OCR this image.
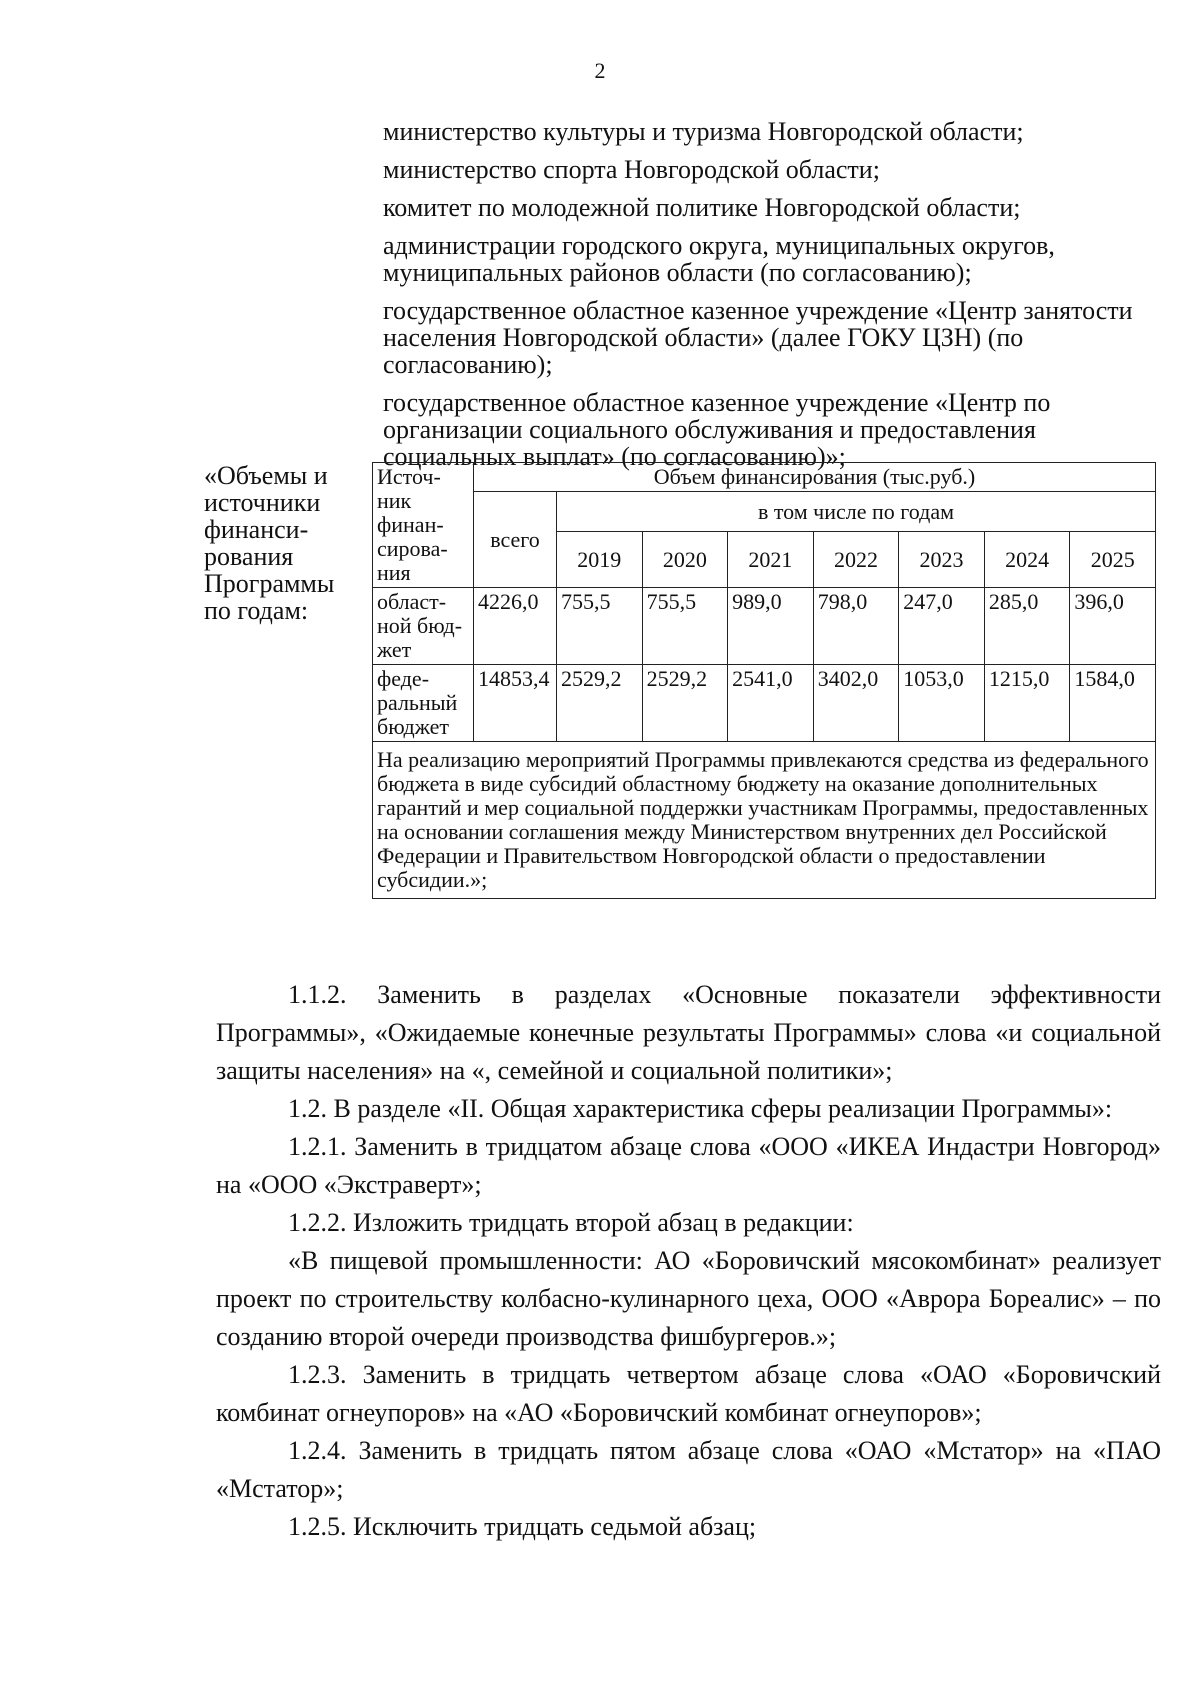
2

министерство культуры и туризма Новгородской области;

министерство спорта Новгородской области;

комитет по молодежной политике Новгородской области;

администрации городского округа, муниципальных округов, муниципальных районов области (по согласованию);

государственное областное казенное учреждение «Центр занятости населения Новгородской области» (далее ГОКУ ЦЗН) (по согласованию);

государственное областное казенное учреждение «Центр по организации социального обслуживания и предоставления социальных выплат» (по согласованию)»;

«Объемы и источники финанси-рования Программы по годам:
Источ-ник финан-сирова-ния	Объем финансирования (тыс.руб.)							
	всего	в том числе по годам						
		2019	2020	2021	2022	2023	2024	2025
област-ной бюд-жет	4226,0	755,5	755,5	989,0	798,0	247,0	285,0	396,0
феде-ральный бюджет	14853,4	2529,2	2529,2	2541,0	3402,0	1053,0	1215,0	1584,0
На реализацию мероприятий Программы привлекаются средства из федерального бюджета в виде субсидий областному бюджету на оказание дополнительных гарантий и мер социальной поддержки участникам Программы, предоставленных на основании соглашения между Министерством внутренних дел Российской Федерации и Правительством Новгородской области о предоставлении субсидии.»;								

1.1.2. Заменить в разделах «Основные показатели эффективности Программы», «Ожидаемые конечные результаты Программы» слова «и социальной защиты населения» на «, семейной и социальной политики»;

1.2. В разделе «II. Общая характеристика сферы реализации Программы»:

1.2.1. Заменить в тридцатом абзаце слова «ООО «ИКЕА Индастри Новгород» на «ООО «Экстраверт»;

1.2.2. Изложить тридцать второй абзац в редакции:

«В пищевой промышленности: АО «Боровичский мясокомбинат» реализует проект по строительству колбасно-кулинарного цеха, ООО «Аврора Бореалис» – по созданию второй очереди производства фишбургеров.»;

1.2.3. Заменить в тридцать четвертом абзаце слова «ОАО «Боровичский комбинат огнеупоров» на «АО «Боровичский комбинат огнеупоров»;

1.2.4. Заменить в тридцать пятом абзаце слова «ОАО «Мстатор» на «ПАО «Мстатор»;

1.2.5. Исключить тридцать седьмой абзац;
